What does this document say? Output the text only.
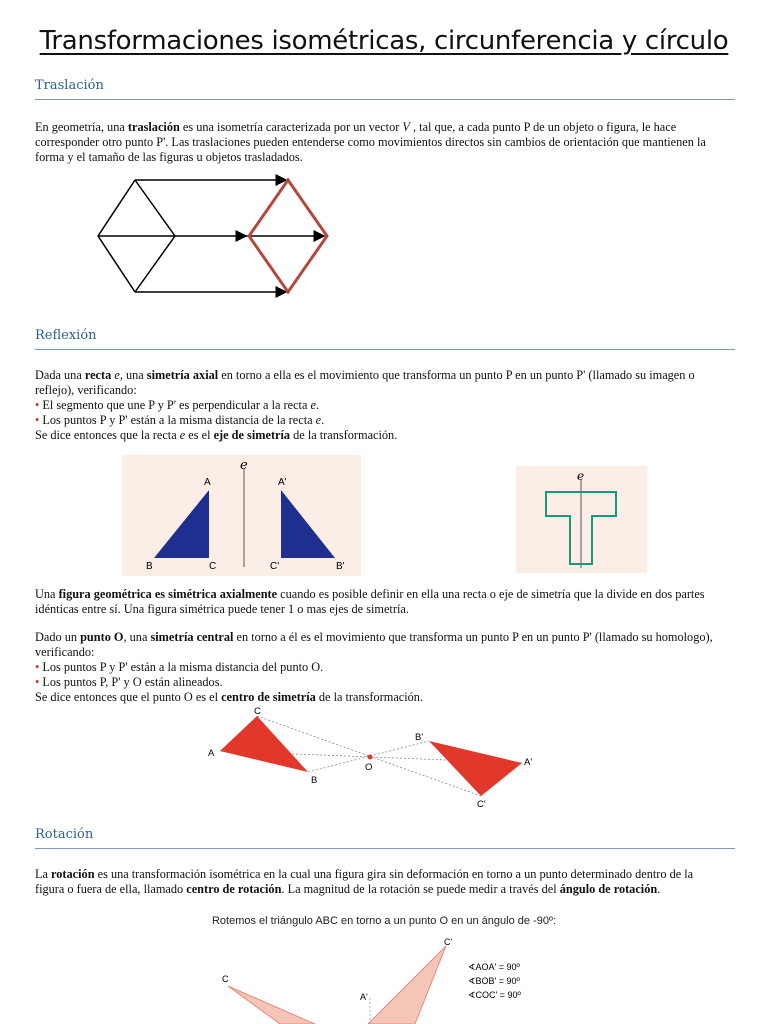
Transformaciones isométricas, circunferencia y círculo
Traslación
En geometría, una traslación es una isometría caracterizada por un vector V , tal que, a cada punto P de un objeto o figura, le hace corresponder otro punto P'. Las traslaciones pueden entenderse como movimientos directos sin cambios de orientación que mantienen la forma y el tamaño de las figuras u objetos trasladados.
Reflexión
Dada una recta e, una simetría axial en torno a ella es el movimiento que transforma un punto P en un punto P' (llamado su imagen o reflejo), verificando:
• El segmento que une P y P' es perpendicular a la recta e.
• Los puntos P y P' están a la misma distancia de la recta e.
Se dice entonces que la recta e es el eje de simetría de la transformación.
e
A
B	C
A'
B'
C'
e
Una figura geométrica es simétrica axialmente cuando es posible definir en ella una recta o eje de simetría que la divide en dos partes idénticas entre sí. Una figura simétrica puede tener 1 o mas ejes de simetría.
Dado un punto O, una simetría central en torno a él es el movimiento que transforma un punto P en un punto P' (llamado su homologo), verificando:
• Los puntos P y P' están a la misma distancia del punto O.
• Los puntos P, P' y O están alineados.
Se dice entonces que el punto O es el centro de simetría de la transformación.
A
B
C
O	A'
B'
C'
Rotación
La rotación es una transformación isométrica en la cual una figura gira sin deformación en torno a un punto determinado dentro de la figura o fuera de ella, llamado centro de rotación. La magnitud de la rotación se puede medir a través del ángulo de rotación.
Rotemos el triángulo ABC en torno a un punto O en un ángulo de -90º:
C
A'
C'
∢AOA' = 90º
∢BOB' = 90º
∢COC' = 90º
